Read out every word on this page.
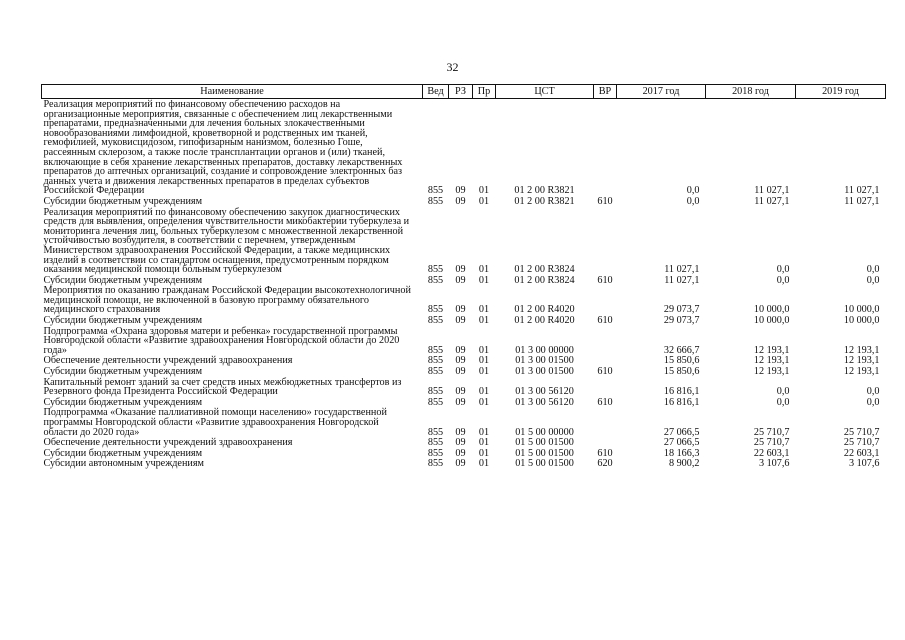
32
Наименование	Вед	РЗ	Пр	ЦСТ	ВР	2017 год	2018 год	2019 год
Реализация мероприятий по финансовому обеспечению расходов на организационные мероприятия, связанные с обеспечением лиц лекарственными препаратами, предназначенными для лечения больных злокачественными новообразованиями лимфоидной, кроветворной и родственных им тканей, гемофилией, муковисцидозом, гипофизарным нанизмом, болезнью Гоше, рассеянным склерозом, а также после трансплантации органов и (или) тканей, включающие в себя хранение лекарственных препаратов, доставку лекарственных препаратов до аптечных организаций, создание и сопровождение электронных баз данных учета и движения лекарственных препаратов в пределах субъектов Российской Федерации	855	09	01	01 2 00 R3821		0,0	11 027,1	11 027,1
Субсидии бюджетным учреждениям	855	09	01	01 2 00 R3821	610	0,0	11 027,1	11 027,1
Реализация мероприятий по финансовому обеспечению закупок диагностических средств для выявления, определения чувствительности микобактерии туберкулеза и мониторинга лечения лиц, больных туберкулезом с множественной лекарственной устойчивостью возбудителя, в соответствии с перечнем, утвержденным Министерством здравоохранения Российской Федерации, а также медицинских изделий в соответствии со стандартом оснащения, предусмотренным порядком оказания медицинской помощи больным туберкулезом	855	09	01	01 2 00 R3824		11 027,1	0,0	0,0
Субсидии бюджетным учреждениям	855	09	01	01 2 00 R3824	610	11 027,1	0,0	0,0
Мероприятия по оказанию гражданам Российской Федерации высокотехнологичной медицинской помощи, не включенной в базовую программу обязательного медицинского страхования	855	09	01	01 2 00 R4020		29 073,7	10 000,0	10 000,0
Субсидии бюджетным учреждениям	855	09	01	01 2 00 R4020	610	29 073,7	10 000,0	10 000,0
Подпрограмма «Охрана здоровья матери и ребенка» государственной программы Новгородской области «Развитие здравоохранения Новгородской области до 2020 года»	855	09	01	01 3 00 00000		32 666,7	12 193,1	12 193,1
Обеспечение деятельности учреждений здравоохранения	855	09	01	01 3 00 01500		15 850,6	12 193,1	12 193,1
Субсидии бюджетным учреждениям	855	09	01	01 3 00 01500	610	15 850,6	12 193,1	12 193,1
Капитальный ремонт зданий за счет средств иных межбюджетных трансфертов из Резервного фонда Президента Российской Федерации	855	09	01	01 3 00 56120		16 816,1	0,0	0,0
Субсидии бюджетным учреждениям	855	09	01	01 3 00 56120	610	16 816,1	0,0	0,0
Подпрограмма «Оказание паллиативной помощи населению» государственной программы Новгородской области «Развитие здравоохранения Новгородской области до 2020 года»	855	09	01	01 5 00 00000		27 066,5	25 710,7	25 710,7
Обеспечение деятельности учреждений здравоохранения	855	09	01	01 5 00 01500		27 066,5	25 710,7	25 710,7
Субсидии бюджетным учреждениям	855	09	01	01 5 00 01500	610	18 166,3	22 603,1	22 603,1
Субсидии автономным учреждениям	855	09	01	01 5 00 01500	620	8 900,2	3 107,6	3 107,6
